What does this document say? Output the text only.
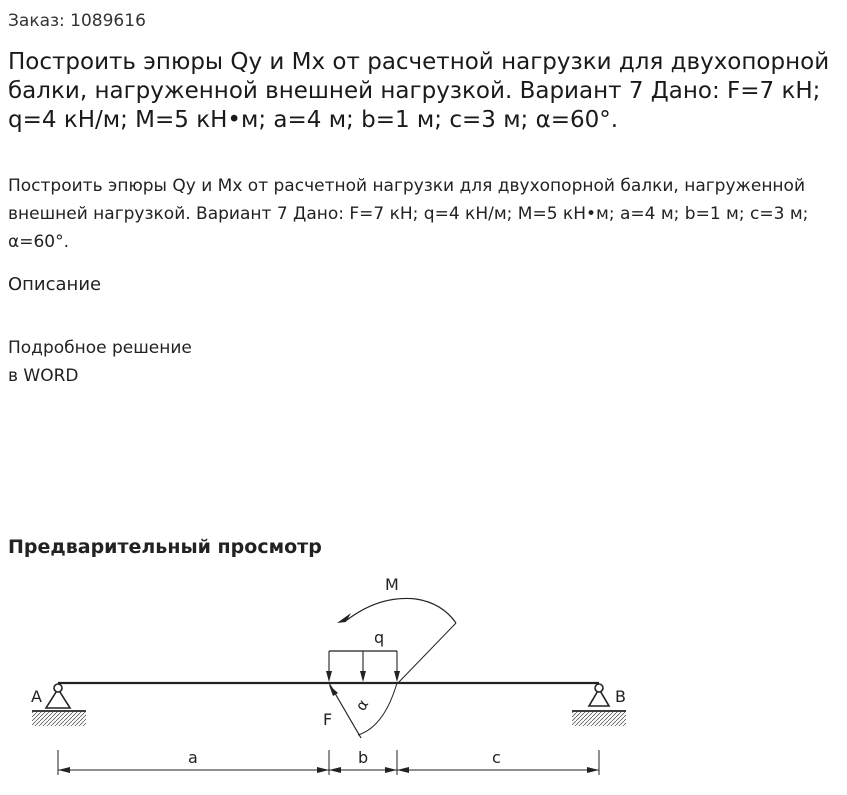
Заказ: 1089616
Построить эпюры Qy и Mx от расчетной нагрузки для двухопорной балки, нагруженной внешней нагрузкой. Вариант 7 Дано: F=7 кН; q=4 кН/м; M=5 кН•м; a=4 м; b=1 м; c=3 м; α=60°.

Построить эпюры Qy и Mx от расчетной нагрузки для двухопорной балки, нагруженной внешней нагрузкой. Вариант 7 Дано: F=7 кН; q=4 кН/м; M=5 кН•м; a=4 м; b=1 м; c=3 м; α=60°.

Описание
Подробное решение
в WORD
Предварительный просмотр
M
q
A	B
F
α
a	b	c
